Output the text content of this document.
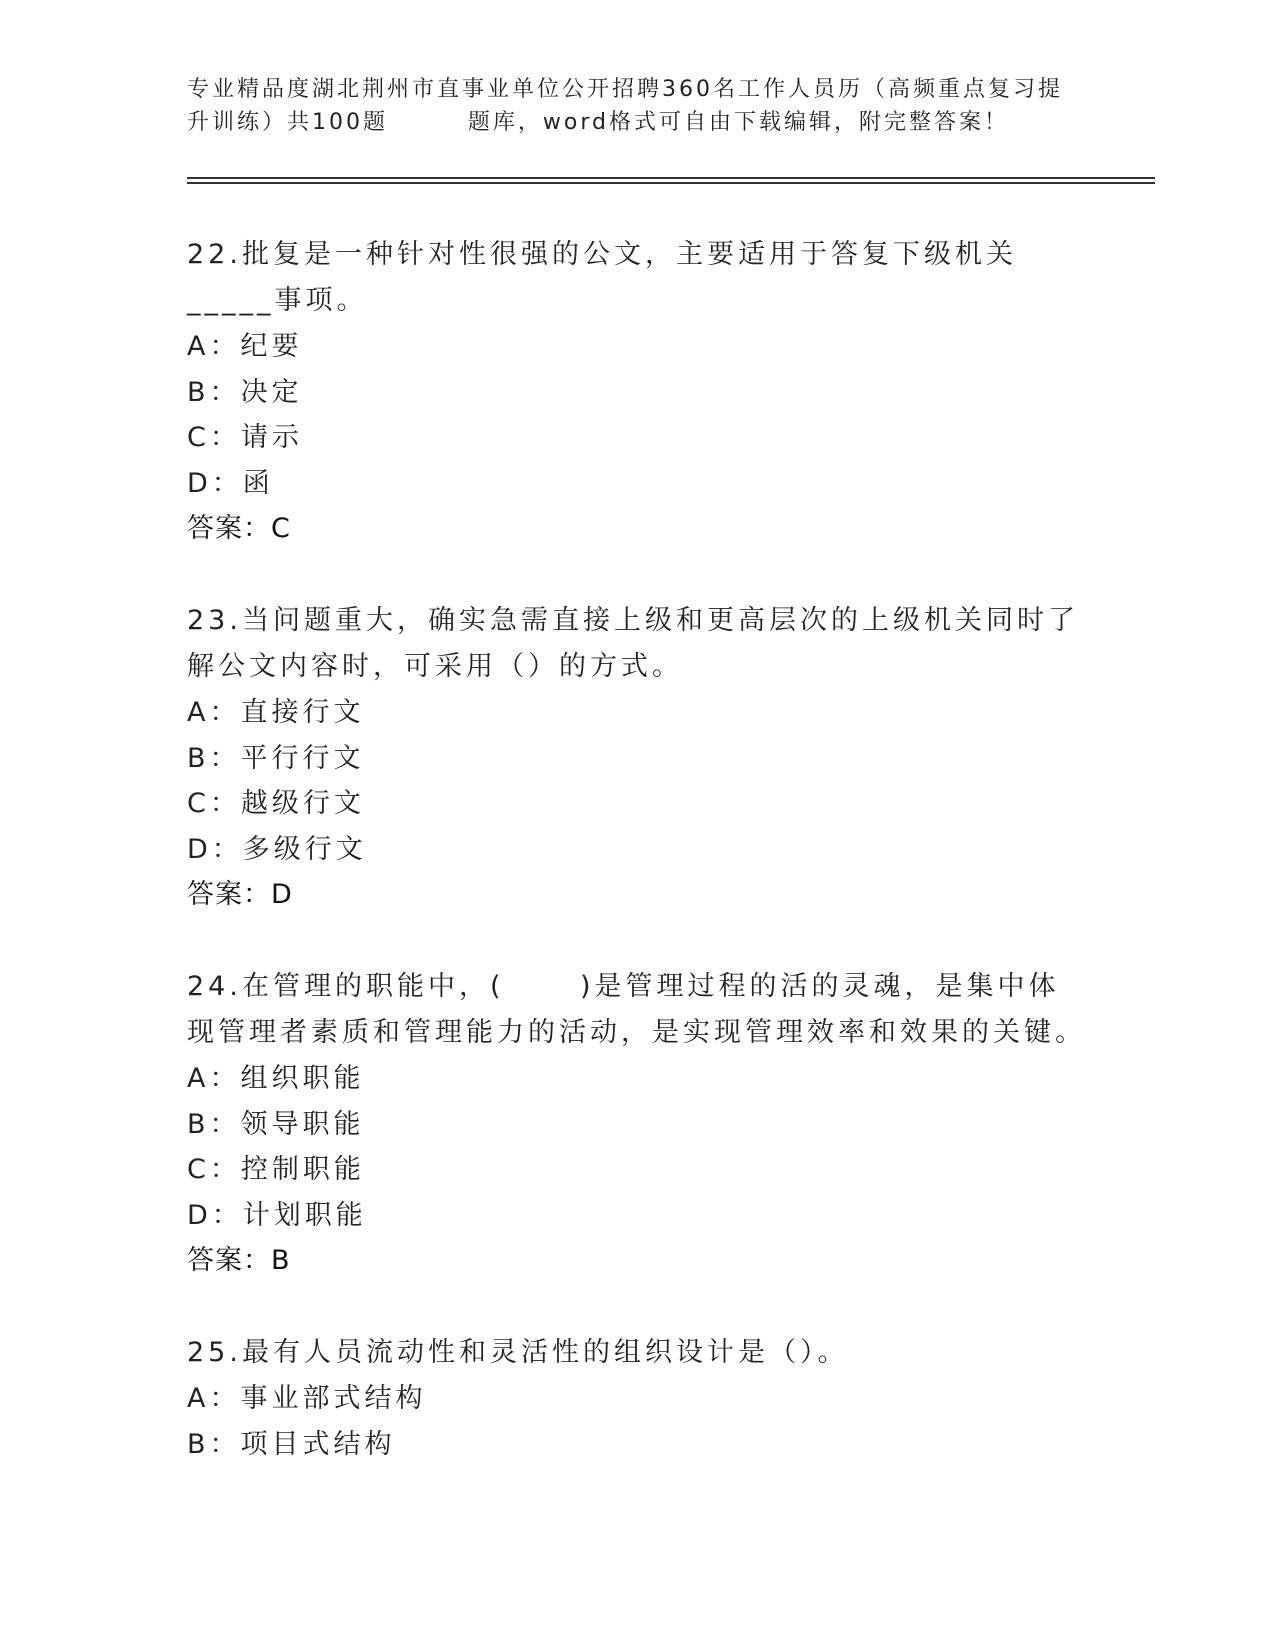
专业精品度湖北荆州市直事业单位公开招聘360名工作人员历（高频重点复习提升训练）共100题        题库，word格式可自由下载编辑，附完整答案！
22.批复是一种针对性很强的公文，主要适用于答复下级机关_____事项。
A：纪要
B：决定
C：请示
D：函
答案：C
23.当问题重大，确实急需直接上级和更高层次的上级机关同时了解公文内容时，可采用（）的方式。
A：直接行文
B：平行行文
C：越级行文
D：多级行文
答案：D
24.在管理的职能中，(      )是管理过程的活的灵魂，是集中体现管理者素质和管理能力的活动，是实现管理效率和效果的关键。
A：组织职能
B：领导职能
C：控制职能
D：计划职能
答案：B
25.最有人员流动性和灵活性的组织设计是（）。
A：事业部式结构
B：项目式结构
